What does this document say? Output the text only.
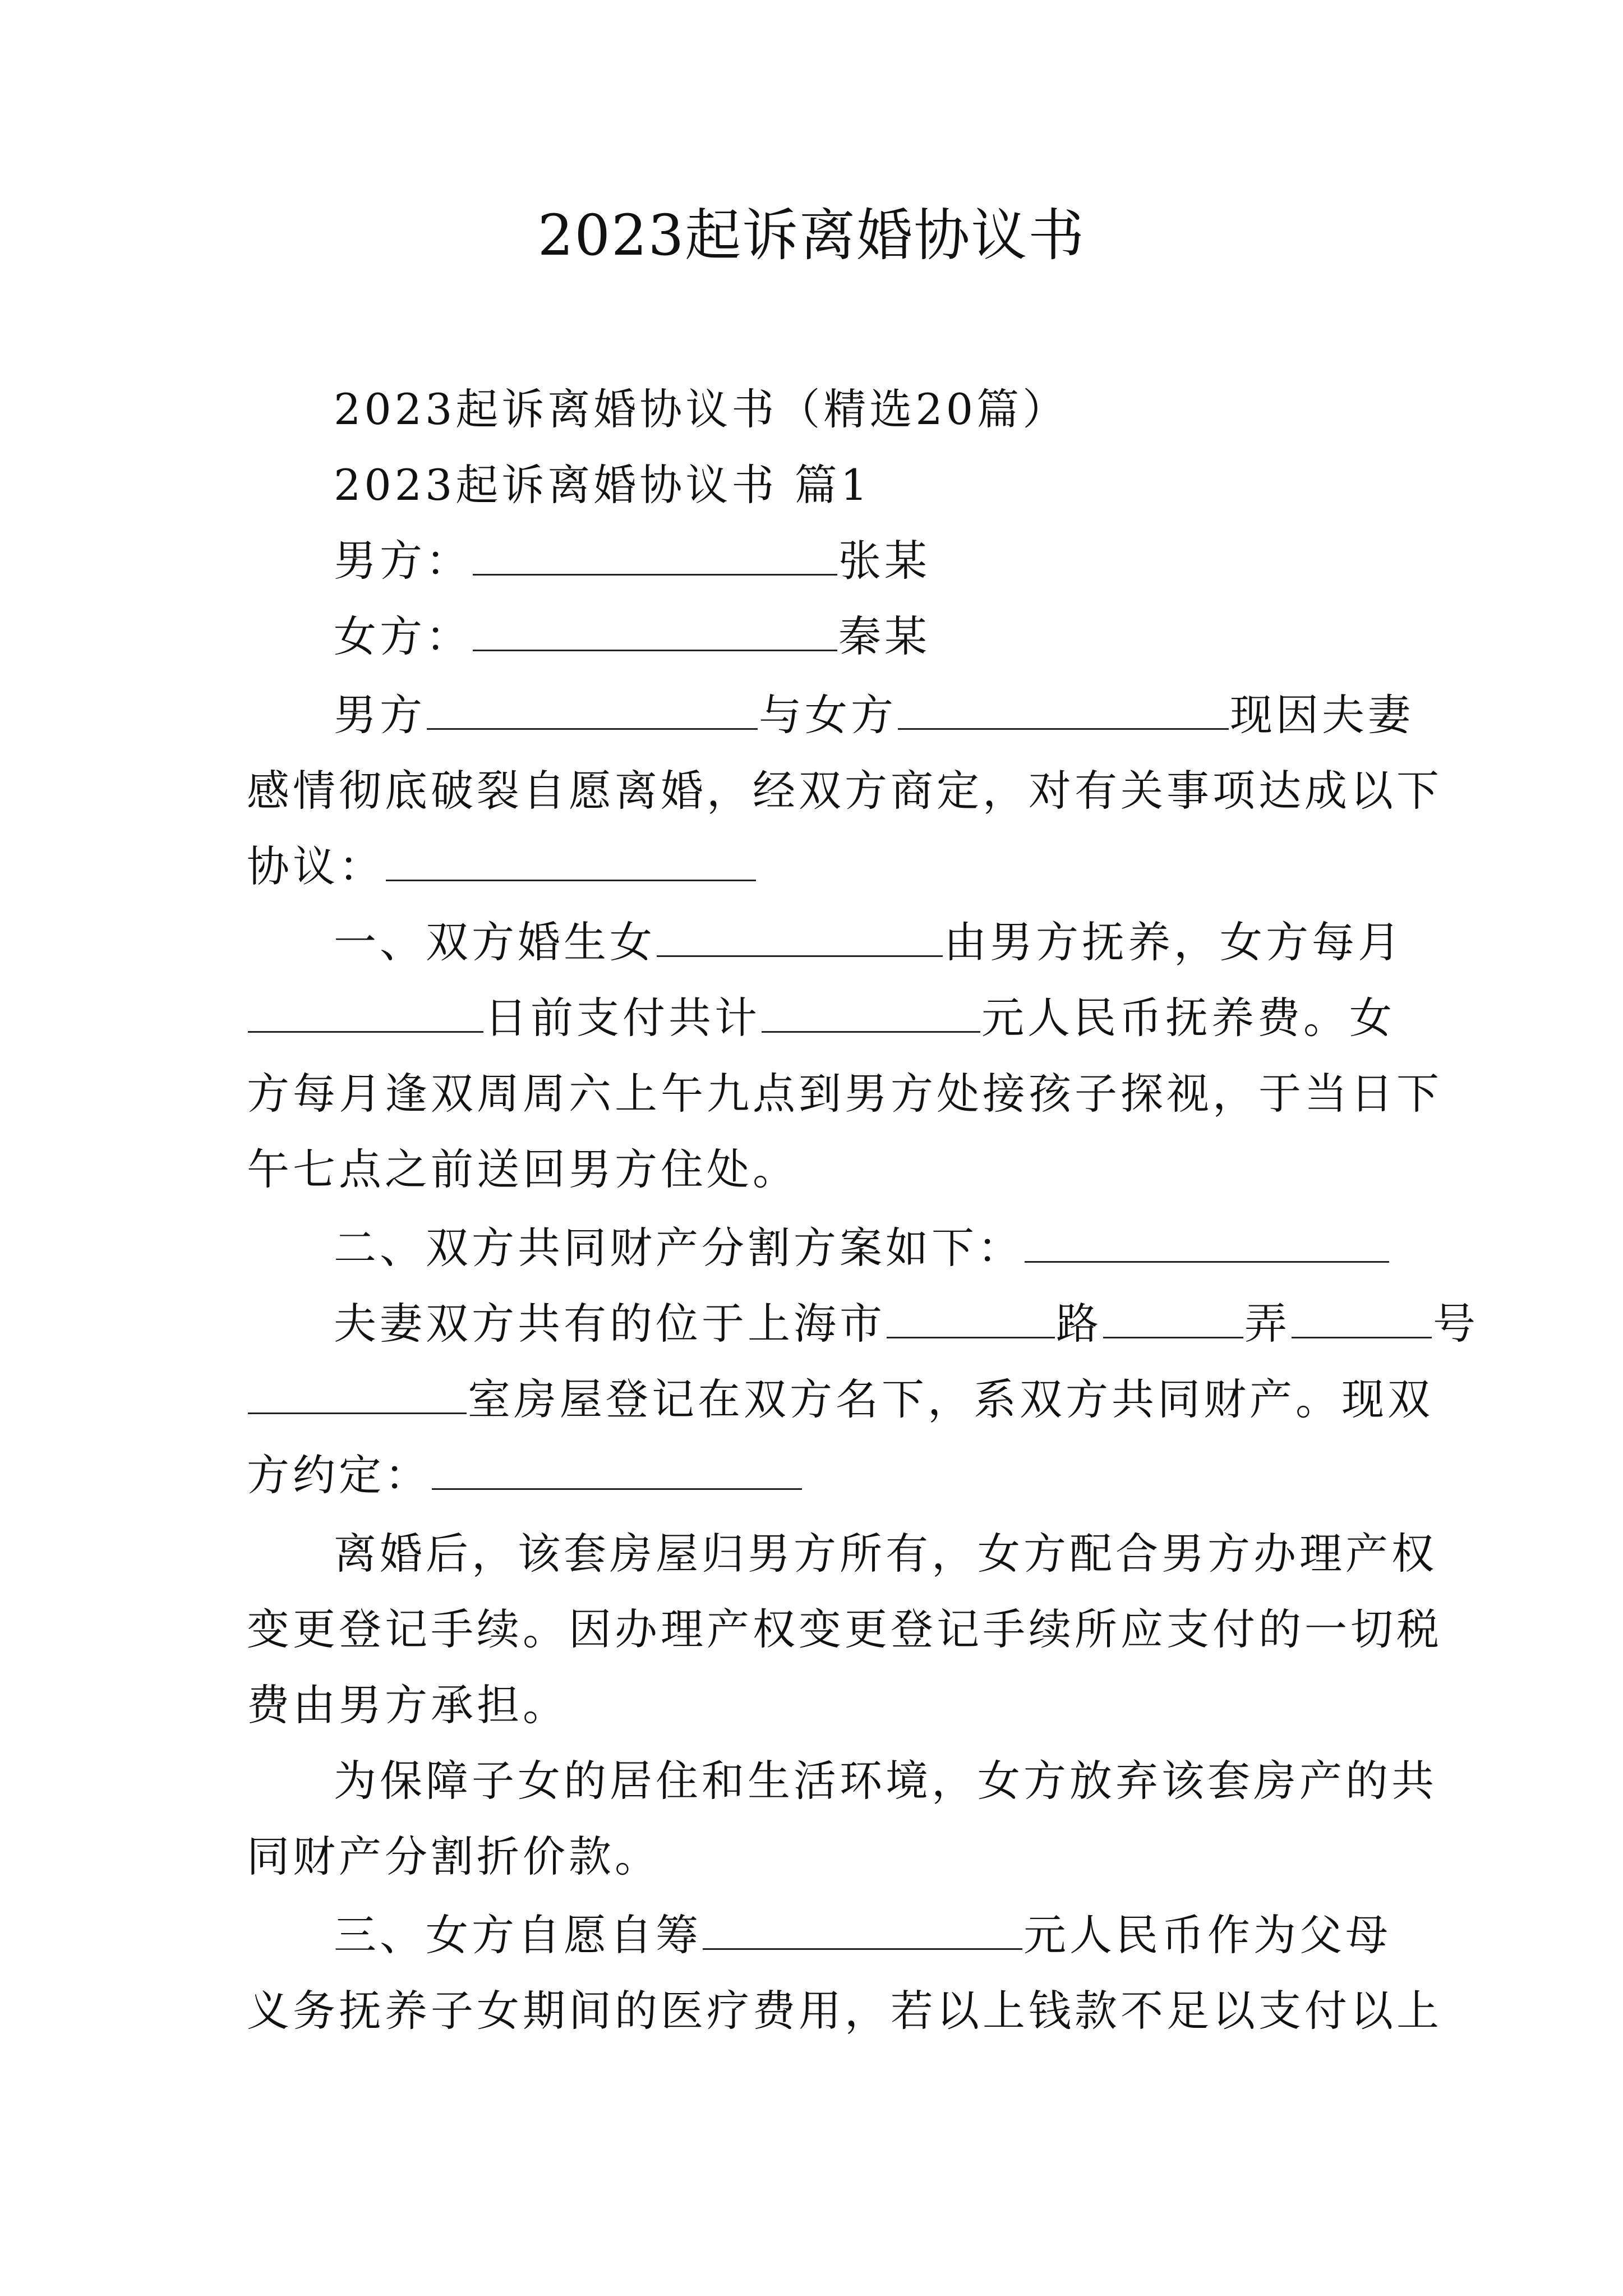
2023起诉离婚协议书
2023起诉离婚协议书（精选20篇）
2023起诉离婚协议书 篇1
男方：	张某
女方：	秦某
男方	与女方	现因夫妻
感情彻底破裂自愿离婚，经双方商定，对有关事项达成以下
协议：
一、双方婚生女	由男方抚养，女方每月
日前支付共计	元人民币抚养费。女
方每月逢双周周六上午九点到男方处接孩子探视，于当日下
午七点之前送回男方住处。
二、双方共同财产分割方案如下：
夫妻双方共有的位于上海市	路	弄	号
室房屋登记在双方名下，系双方共同财产。现双
方约定：
离婚后，该套房屋归男方所有，女方配合男方办理产权
变更登记手续。因办理产权变更登记手续所应支付的一切税
费由男方承担。
为保障子女的居住和生活环境，女方放弃该套房产的共
同财产分割折价款。
三、女方自愿自筹	元人民币作为父母
义务抚养子女期间的医疗费用，若以上钱款不足以支付以上
